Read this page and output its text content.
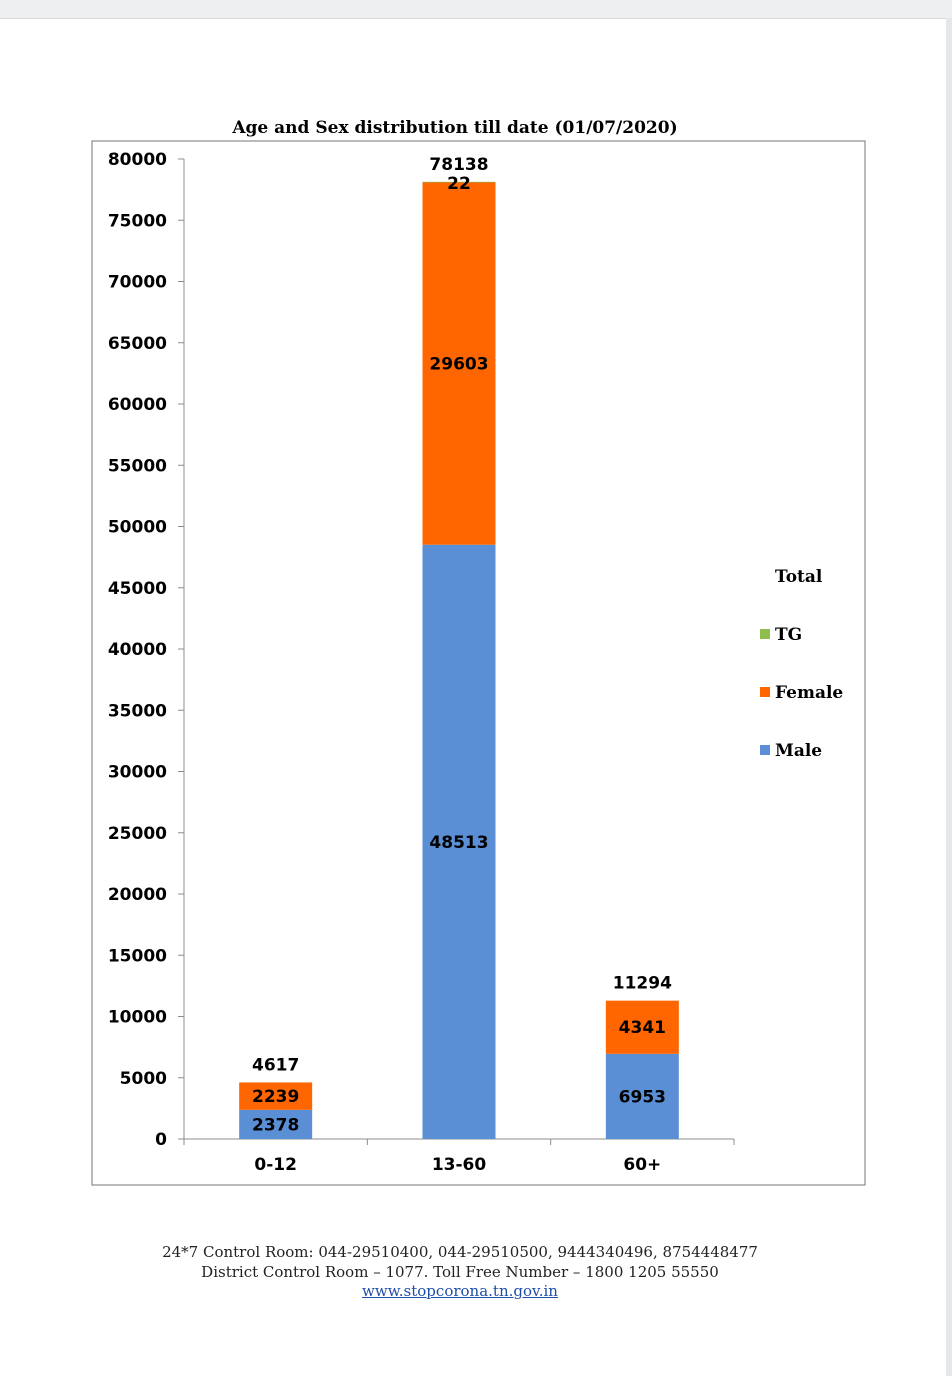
Age and Sex distribution till date (01/07/2020)
0
5000
10000
15000
20000
25000
30000
35000
40000
45000
50000
55000
60000
65000
70000
75000
80000
0-12	13-60	60+
2378
2239
4617
48513
29603
22
78138
6953
4341
11294
Total
TG
Female
Male
24*7 Control Room: 044-29510400, 044-29510500, 9444340496, 8754448477
District Control Room – 1077. Toll Free Number – 1800 1205 55550
www.stopcorona.tn.gov.in
